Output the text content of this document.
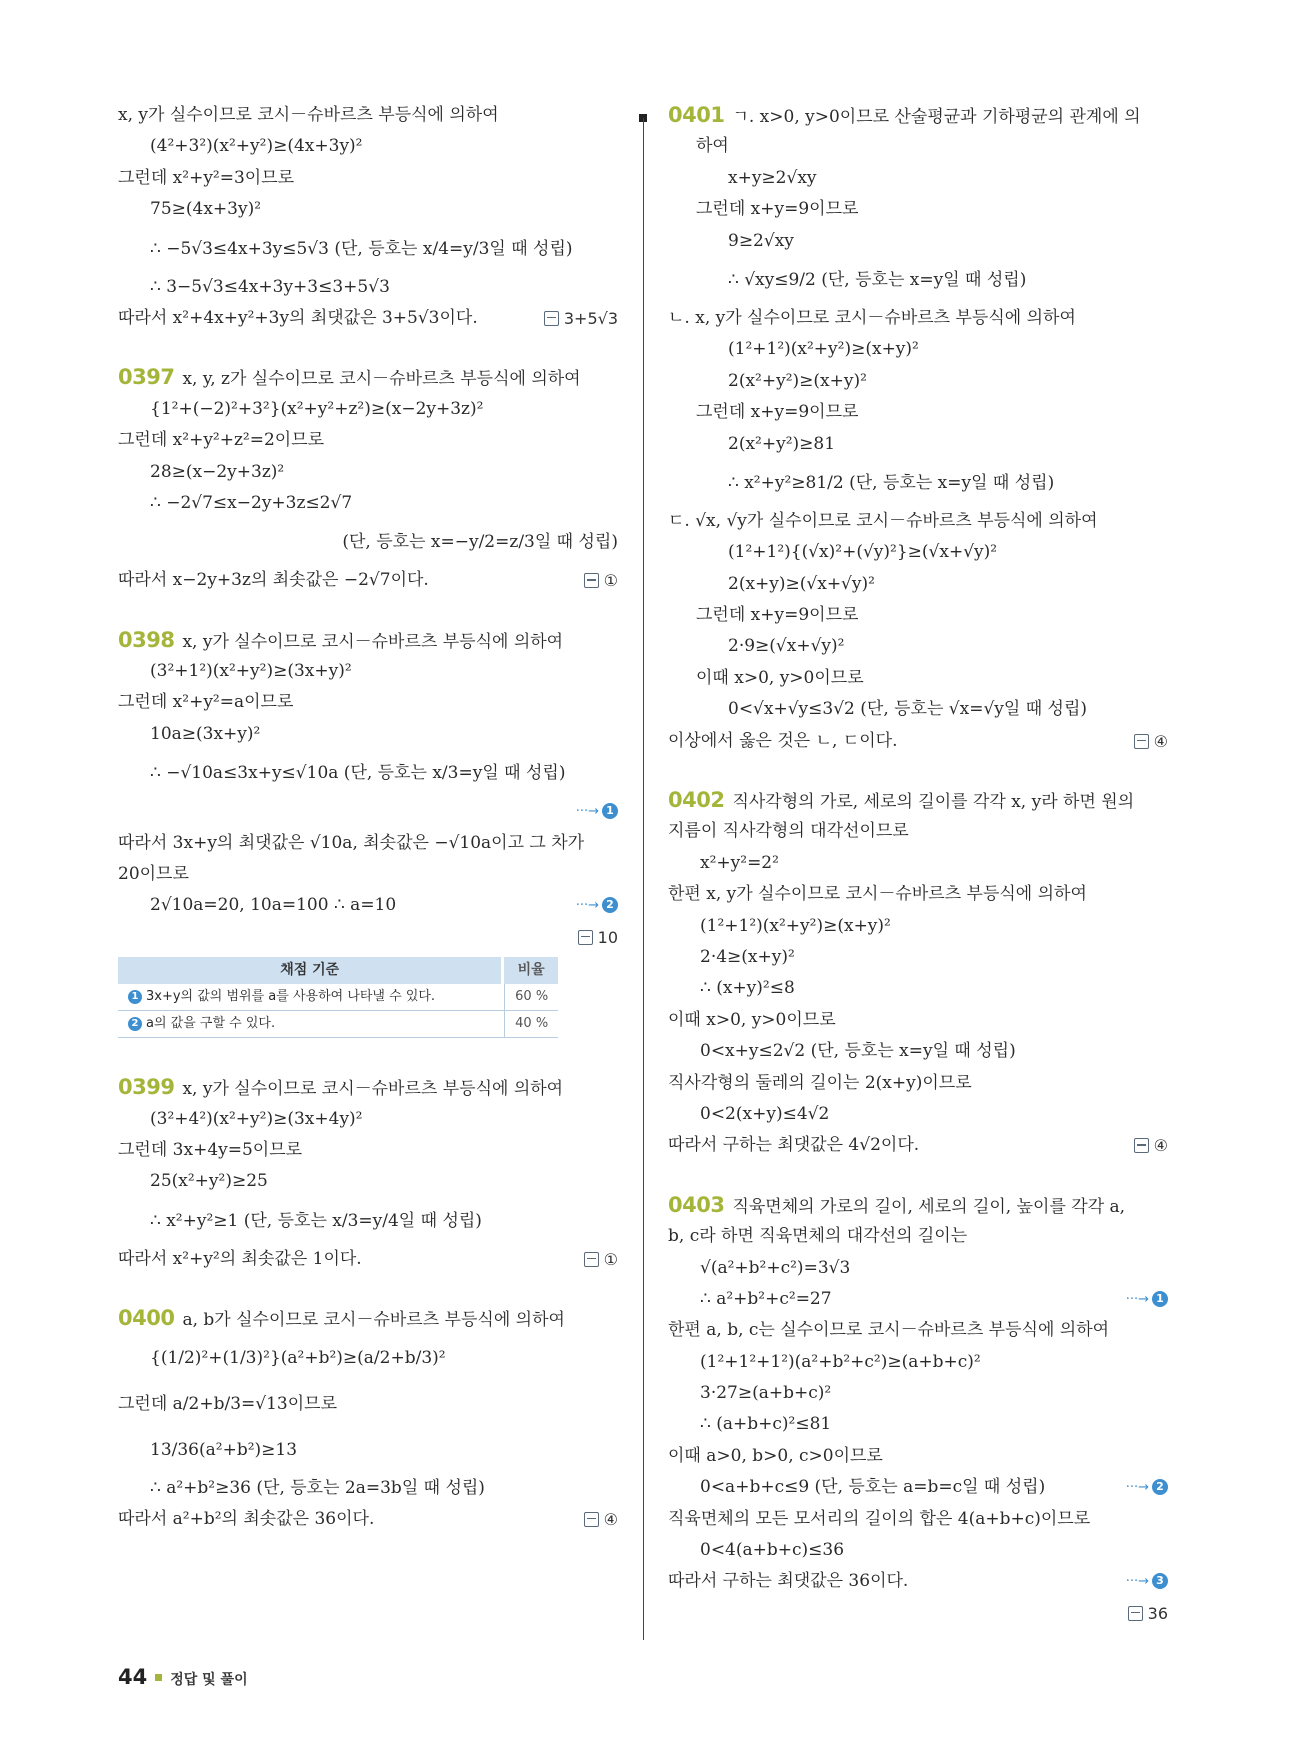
x, y가 실수이므로 코시－슈바르츠 부등식에 의하여
(4²+3²)(x²+y²)≥(4x+3y)²
그런데 x²+y²=3이므로
75≥(4x+3y)²
∴ −5√3≤4x+3y≤5√3 (단, 등호는 x/4=y/3일 때 성립)
∴ 3−5√3≤4x+3y+3≤3+5√3
따라서 x²+4x+y²+3y의 최댓값은 3+5√3이다.	3+5√3
0397 x, y, z가 실수이므로 코시－슈바르츠 부등식에 의하여
{1²+(−2)²+3²}(x²+y²+z²)≥(x−2y+3z)²
그런데 x²+y²+z²=2이므로
28≥(x−2y+3z)²
∴ −2√7≤x−2y+3z≤2√7
(단, 등호는 x=−y/2=z/3일 때 성립)
따라서 x−2y+3z의 최솟값은 −2√7이다.	①
0398 x, y가 실수이므로 코시－슈바르츠 부등식에 의하여
(3²+1²)(x²+y²)≥(3x+y)²
그런데 x²+y²=a이므로
10a≥(3x+y)²
∴ −√10a≤3x+y≤√10a (단, 등호는 x/3=y일 때 성립)
···→ 1
따라서 3x+y의 최댓값은 √10a, 최솟값은 −√10a이고 그 차가
20이므로
2√10a=20, 10a=100 ∴ a=10	···→ 2
10
채점 기준	비율
1 3x+y의 값의 범위를 a를 사용하여 나타낼 수 있다.	60 %
2 a의 값을 구할 수 있다.	40 %
0399 x, y가 실수이므로 코시－슈바르츠 부등식에 의하여
(3²+4²)(x²+y²)≥(3x+4y)²
그런데 3x+4y=5이므로
25(x²+y²)≥25
∴ x²+y²≥1 (단, 등호는 x/3=y/4일 때 성립)
따라서 x²+y²의 최솟값은 1이다.	①
0400 a, b가 실수이므로 코시－슈바르츠 부등식에 의하여
{(1/2)²+(1/3)²}(a²+b²)≥(a/2+b/3)²
그런데 a/2+b/3=√13이므로
13/36(a²+b²)≥13
∴ a²+b²≥36 (단, 등호는 2a=3b일 때 성립)
따라서 a²+b²의 최솟값은 36이다.	④
0401 ㄱ. x>0, y>0이므로 산술평균과 기하평균의 관계에 의
하여
x+y≥2√xy
그런데 x+y=9이므로
9≥2√xy
∴ √xy≤9/2 (단, 등호는 x=y일 때 성립)
ㄴ. x, y가 실수이므로 코시－슈바르츠 부등식에 의하여
(1²+1²)(x²+y²)≥(x+y)²
2(x²+y²)≥(x+y)²
그런데 x+y=9이므로
2(x²+y²)≥81
∴ x²+y²≥81/2 (단, 등호는 x=y일 때 성립)
ㄷ. √x, √y가 실수이므로 코시－슈바르츠 부등식에 의하여
(1²+1²){(√x)²+(√y)²}≥(√x+√y)²
2(x+y)≥(√x+√y)²
그런데 x+y=9이므로
2·9≥(√x+√y)²
이때 x>0, y>0이므로
0<√x+√y≤3√2 (단, 등호는 √x=√y일 때 성립)
이상에서 옳은 것은 ㄴ, ㄷ이다.	④
0402 직사각형의 가로, 세로의 길이를 각각 x, y라 하면 원의
지름이 직사각형의 대각선이므로
x²+y²=2²
한편 x, y가 실수이므로 코시－슈바르츠 부등식에 의하여
(1²+1²)(x²+y²)≥(x+y)²
2·4≥(x+y)²
∴ (x+y)²≤8
이때 x>0, y>0이므로
0<x+y≤2√2 (단, 등호는 x=y일 때 성립)
직사각형의 둘레의 길이는 2(x+y)이므로
0<2(x+y)≤4√2
따라서 구하는 최댓값은 4√2이다.	④
0403 직육면체의 가로의 길이, 세로의 길이, 높이를 각각 a,
b, c라 하면 직육면체의 대각선의 길이는
√(a²+b²+c²)=3√3
∴ a²+b²+c²=27	···→ 1
한편 a, b, c는 실수이므로 코시－슈바르츠 부등식에 의하여
(1²+1²+1²)(a²+b²+c²)≥(a+b+c)²
3·27≥(a+b+c)²
∴ (a+b+c)²≤81
이때 a>0, b>0, c>0이므로
0<a+b+c≤9 (단, 등호는 a=b=c일 때 성립)	···→ 2
직육면체의 모든 모서리의 길이의 합은 4(a+b+c)이므로
0<4(a+b+c)≤36
따라서 구하는 최댓값은 36이다.	···→ 3
36
44 정답 및 풀이
